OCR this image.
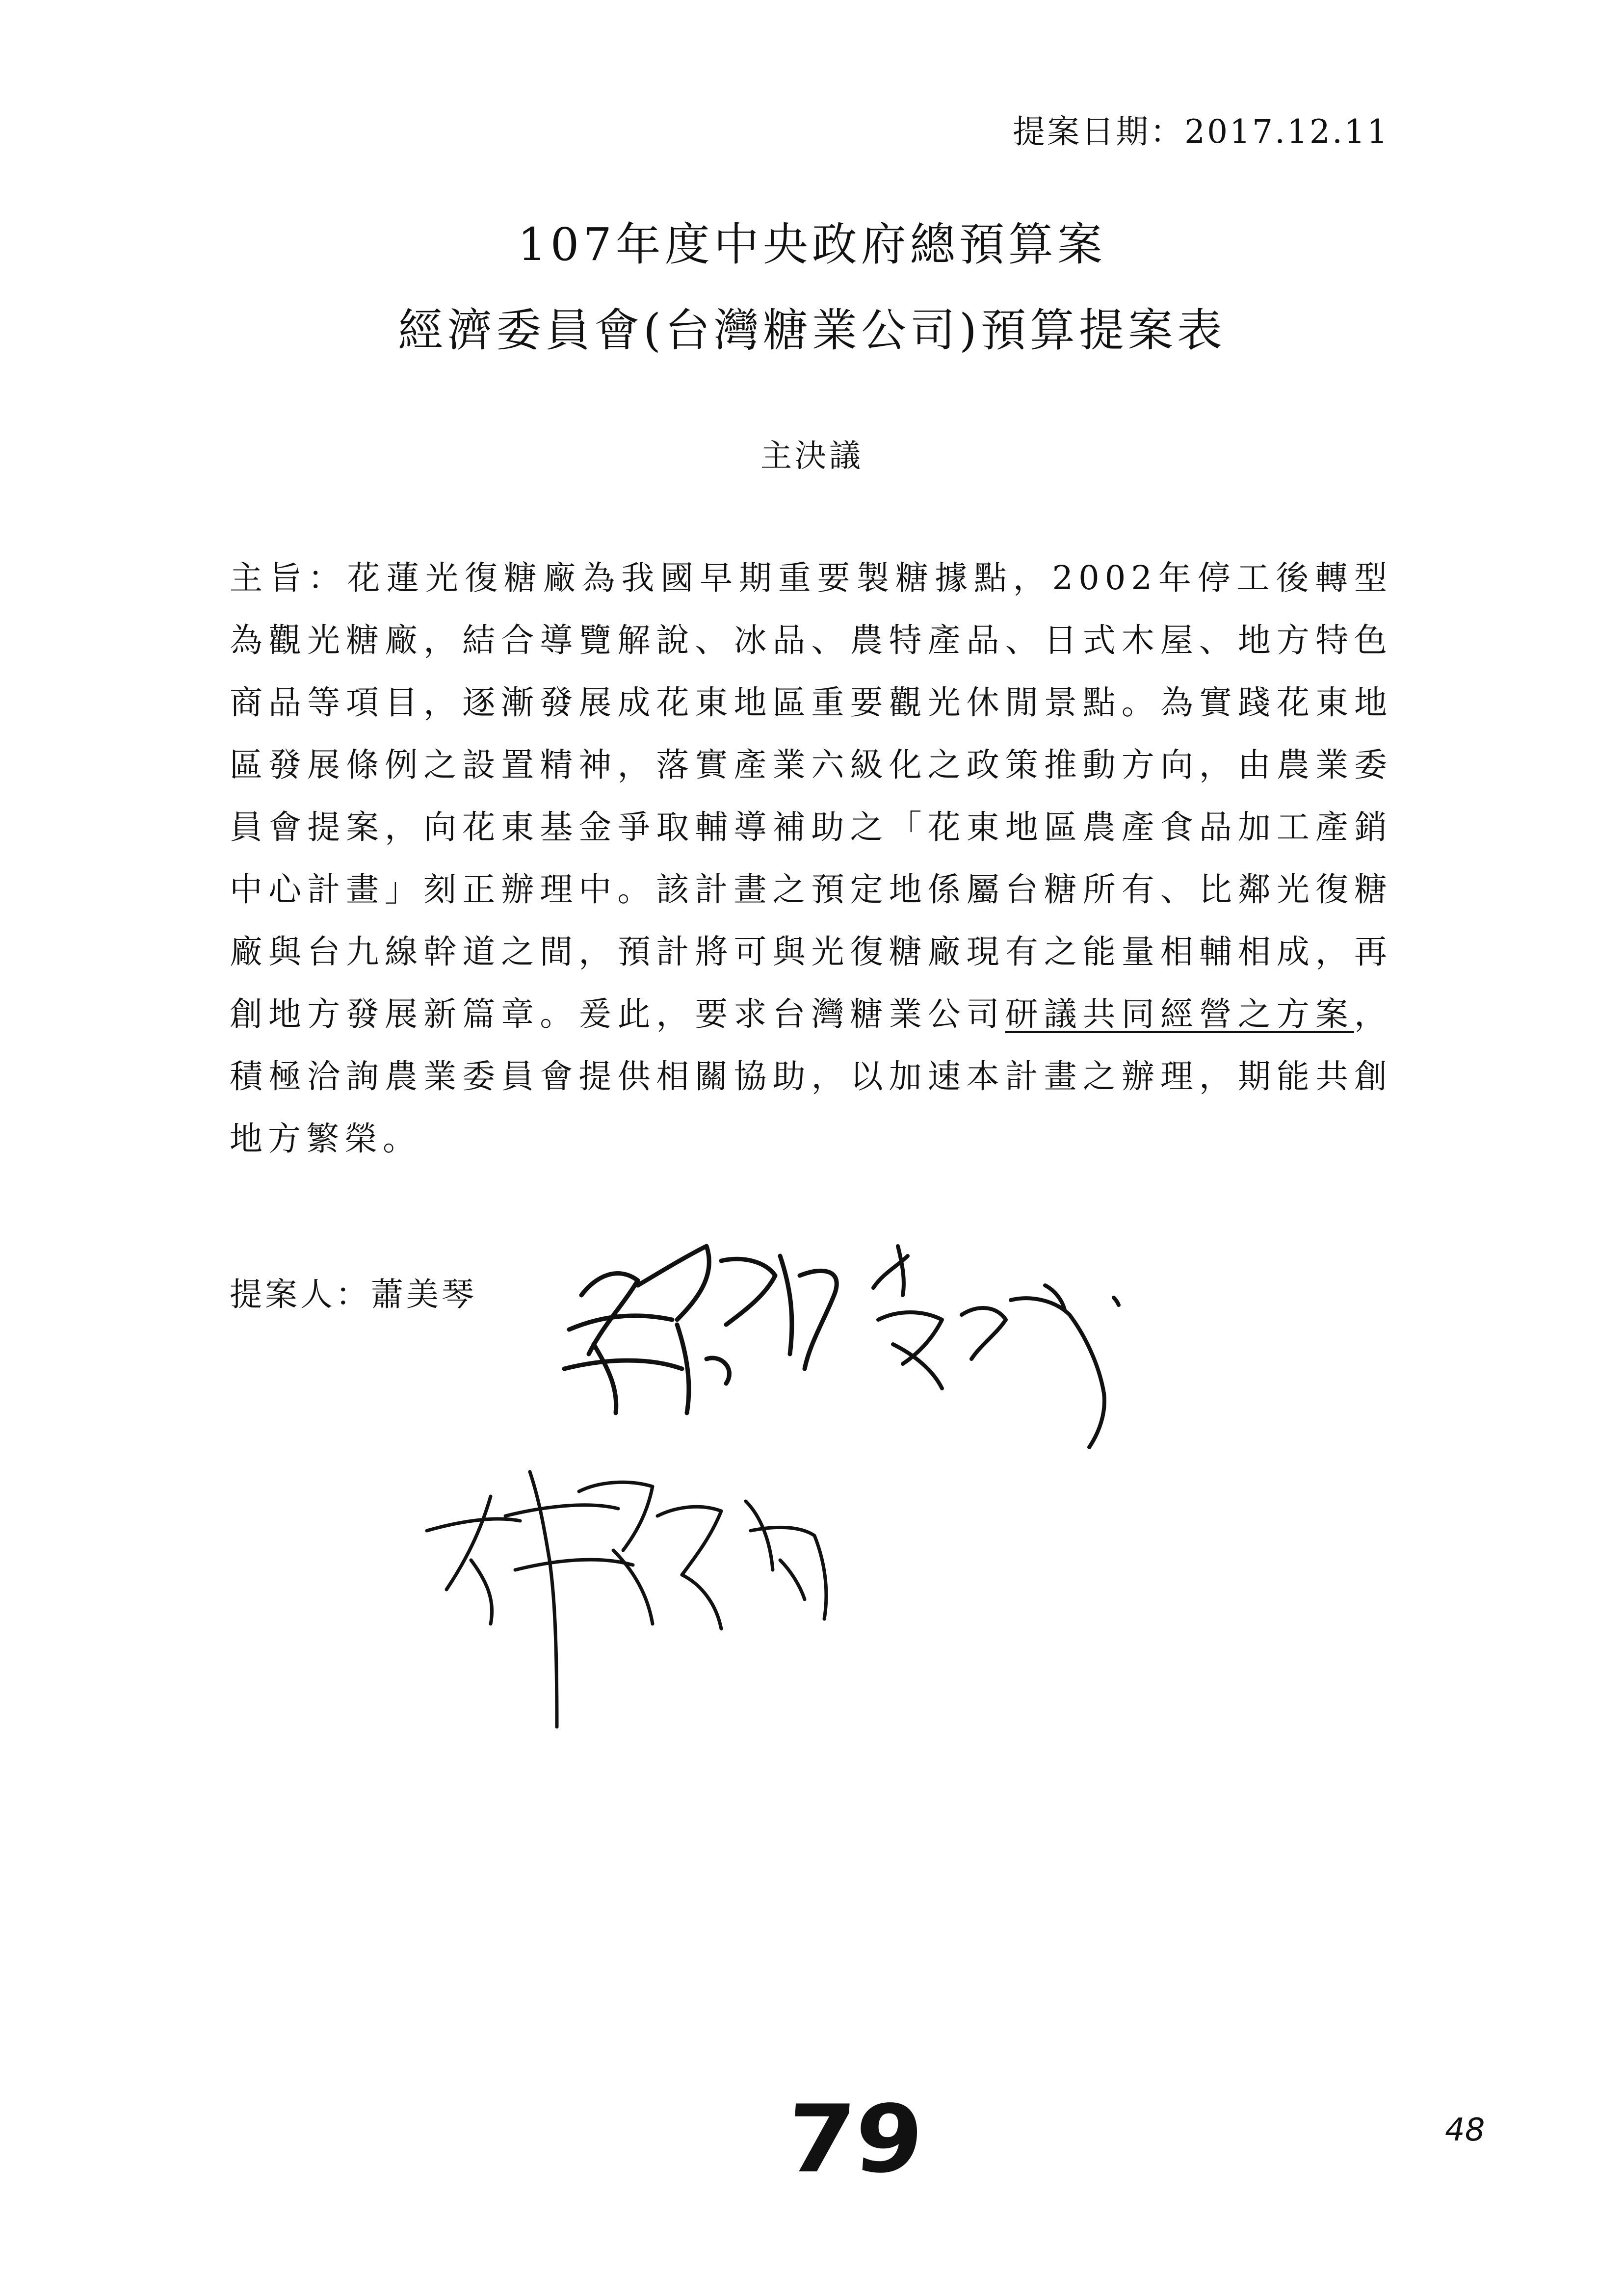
提案日期：2017.12.11
107年度中央政府總預算案
經濟委員會(台灣糖業公司)預算提案表
主決議
主旨：花蓮光復糖廠為我國早期重要製糖據點，2002年停工後轉型為觀光糖廠，結合導覽解說、冰品、農特產品、日式木屋、地方特色商品等項目，逐漸發展成花東地區重要觀光休閒景點。為實踐花東地區發展條例之設置精神，落實產業六級化之政策推動方向，由農業委員會提案，向花東基金爭取輔導補助之「花東地區農產食品加工產銷中心計畫」刻正辦理中。該計畫之預定地係屬台糖所有、比鄰光復糖廠與台九線幹道之間，預計將可與光復糖廠現有之能量相輔相成，再創地方發展新篇章。爰此，要求台灣糖業公司研議共同經營之方案，積極洽詢農業委員會提供相關協助，以加速本計畫之辦理，期能共創地方繁榮。
提案人：蕭美琴
79	48
